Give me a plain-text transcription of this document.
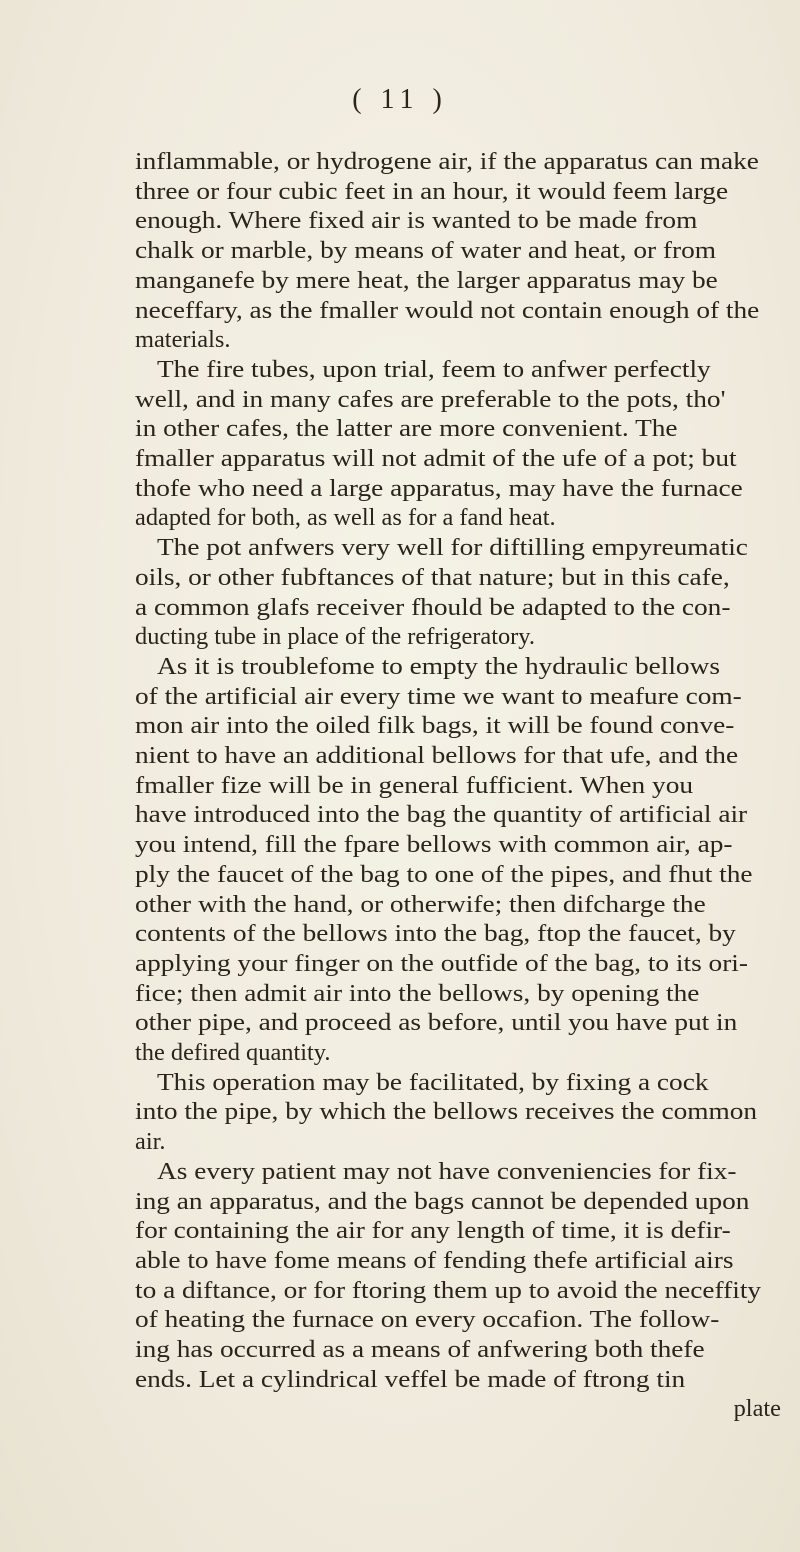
( 11 )
inflammable, or hydrogene air, if the apparatus can make
three or four cubic feet in an hour, it would feem large
enough. Where fixed air is wanted to be made from
chalk or marble, by means of water and heat, or from
manganefe by mere heat, the larger apparatus may be
neceffary, as the fmaller would not contain enough of the
materials.
The fire tubes, upon trial, feem to anfwer perfectly
well, and in many cafes are preferable to the pots, tho'
in other cafes, the latter are more convenient. The
fmaller apparatus will not admit of the ufe of a pot; but
thofe who need a large apparatus, may have the furnace
adapted for both, as well as for a fand heat.
The pot anfwers very well for diftilling empyreumatic
oils, or other fubftances of that nature; but in this cafe,
a common glafs receiver fhould be adapted to the con-
ducting tube in place of the refrigeratory.
As it is troublefome to empty the hydraulic bellows
of the artificial air every time we want to meafure com-
mon air into the oiled filk bags, it will be found conve-
nient to have an additional bellows for that ufe, and the
fmaller fize will be in general fufficient. When you
have introduced into the bag the quantity of artificial air
you intend, fill the fpare bellows with common air, ap-
ply the faucet of the bag to one of the pipes, and fhut the
other with the hand, or otherwife; then difcharge the
contents of the bellows into the bag, ftop the faucet, by
applying your finger on the outfide of the bag, to its ori-
fice; then admit air into the bellows, by opening the
other pipe, and proceed as before, until you have put in
the defired quantity.
This operation may be facilitated, by fixing a cock
into the pipe, by which the bellows receives the common
air.
As every patient may not have conveniencies for fix-
ing an apparatus, and the bags cannot be depended upon
for containing the air for any length of time, it is defir-
able to have fome means of fending thefe artificial airs
to a diftance, or for ftoring them up to avoid the neceffity
of heating the furnace on every occafion. The follow-
ing has occurred as a means of anfwering both thefe
ends. Let a cylindrical veffel be made of ftrong tin
plate
